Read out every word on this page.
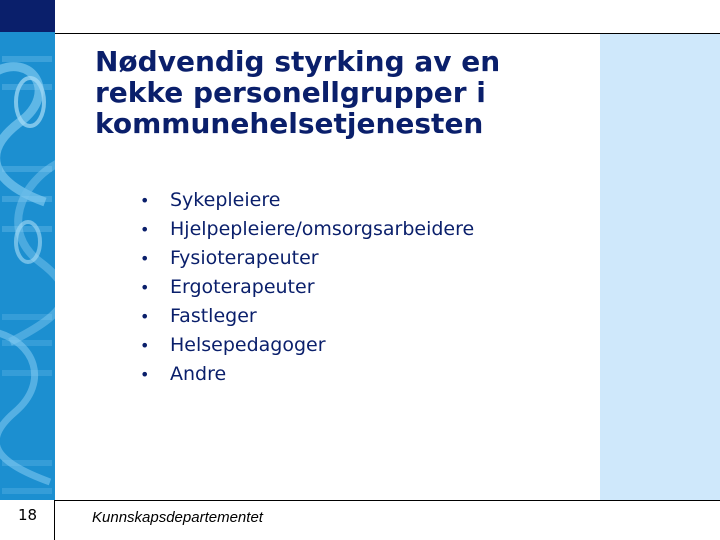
18
Nødvendig styrking av en rekke personellgrupper i kommunehelsetjenesten
• Sykepleiere
• Hjelpepleiere/omsorgsarbeidere
• Fysioterapeuter
• Ergoterapeuter
• Fastleger
• Helsepedagoger
• Andre
Kunnskapsdepartementet
